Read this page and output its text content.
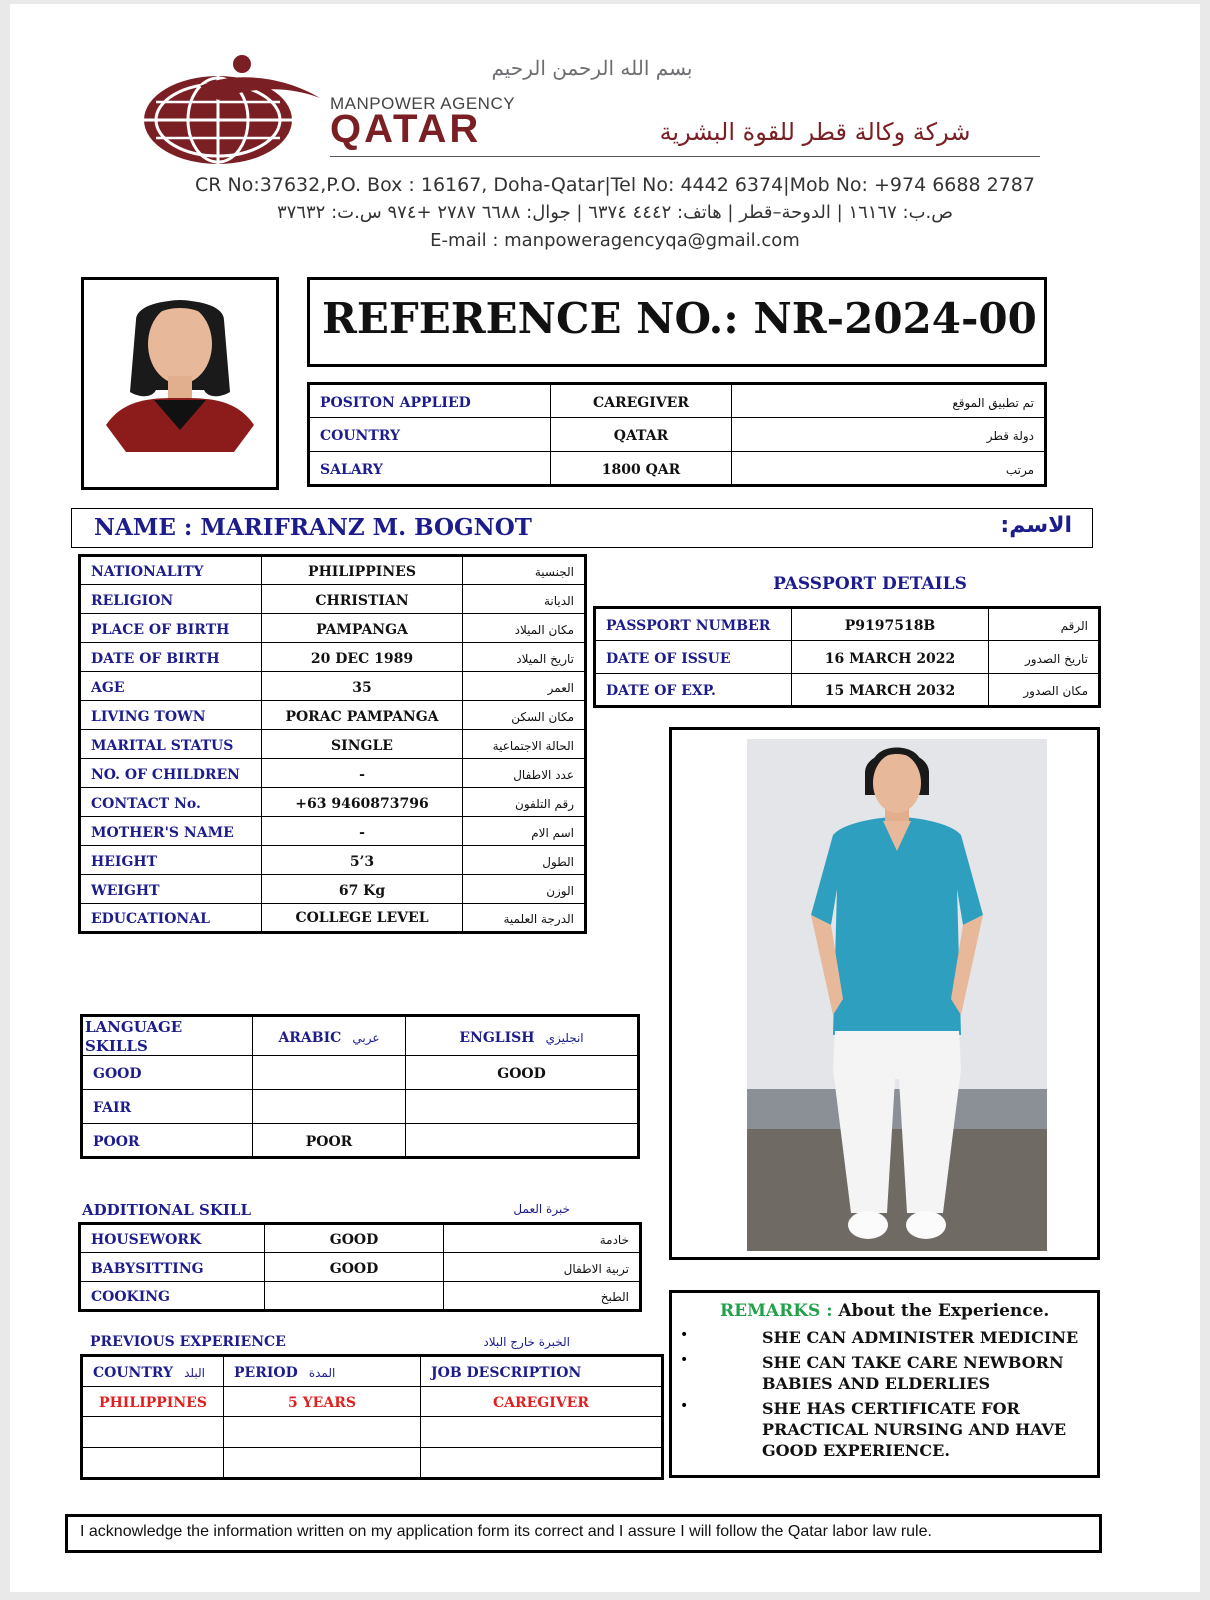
بسم الله الرحمن الرحيم
MANPOWER AGENCY
QATAR	شركة وكالة قطر للقوة البشرية
CR No:37632,P.O. Box : 16167, Doha-Qatar|Tel No: 4442 6374|Mob No: +974 6688 2787
ص.ب: ١٦١٦٧ | الدوحة–قطر | هاتف: ٤٤٤٢ ٦٣٧٤ | جوال: ٦٦٨٨ ٢٧٨٧ +٩٧٤ س.ت: ٣٧٦٣٢
E-mail : manpoweragencyqa@gmail.com
REFERENCE NO.: NR-2024-00
POSITON APPLIED	CAREGIVER	تم تطبيق الموقع
COUNTRY	QATAR	دولة قطر
SALARY	1800 QAR	مرتب
NAME : MARIFRANZ M. BOGNOT	الاسم:
NATIONALITY	PHILIPPINES	الجنسية
RELIGION	CHRISTIAN	الديانة
PLACE OF BIRTH	PAMPANGA	مكان الميلاد
DATE OF BIRTH	20 DEC 1989	تاريخ الميلاد
AGE	35	العمر
LIVING TOWN	PORAC PAMPANGA	مكان السكن
MARITAL STATUS	SINGLE	الحالة الاجتماعية
NO. OF CHILDREN	-	عدد الاطفال
CONTACT No.	+63 9460873796	رقم التلفون
MOTHER'S NAME	-	اسم الام
HEIGHT	5’3	الطول
WEIGHT	67 Kg	الوزن
EDUCATIONAL	COLLEGE LEVEL	الدرجة العلمية
PASSPORT DETAILS
PASSPORT NUMBER	P9197518B	الرقم
DATE OF ISSUE	16 MARCH 2022	تاريخ الصدور
DATE OF EXP.	15 MARCH 2032	مكان الصدور
LANGUAGE SKILLS	ARABIC عربي	ENGLISH انجليزي
GOOD		GOOD
FAIR		
POOR	POOR	
ADDITIONAL SKILL	خبرة العمل
HOUSEWORK	GOOD	خادمة
BABYSITTING	GOOD	تربية الاطفال
COOKING		الطبخ
PREVIOUS EXPERIENCE	الخبرة خارج البلاد
COUNTRY البلد	PERIOD المدة	JOB DESCRIPTION
PHILIPPINES	5 YEARS	CAREGIVER

REMARKS : About the Experience.
•	SHE CAN ADMINISTER MEDICINE
•	SHE CAN TAKE CARE NEWBORN BABIES AND ELDERLIES
•	SHE HAS CERTIFICATE FOR PRACTICAL NURSING AND HAVE GOOD EXPERIENCE.
I acknowledge the information written on my application form its correct and I assure I will follow the Qatar labor law rule.
